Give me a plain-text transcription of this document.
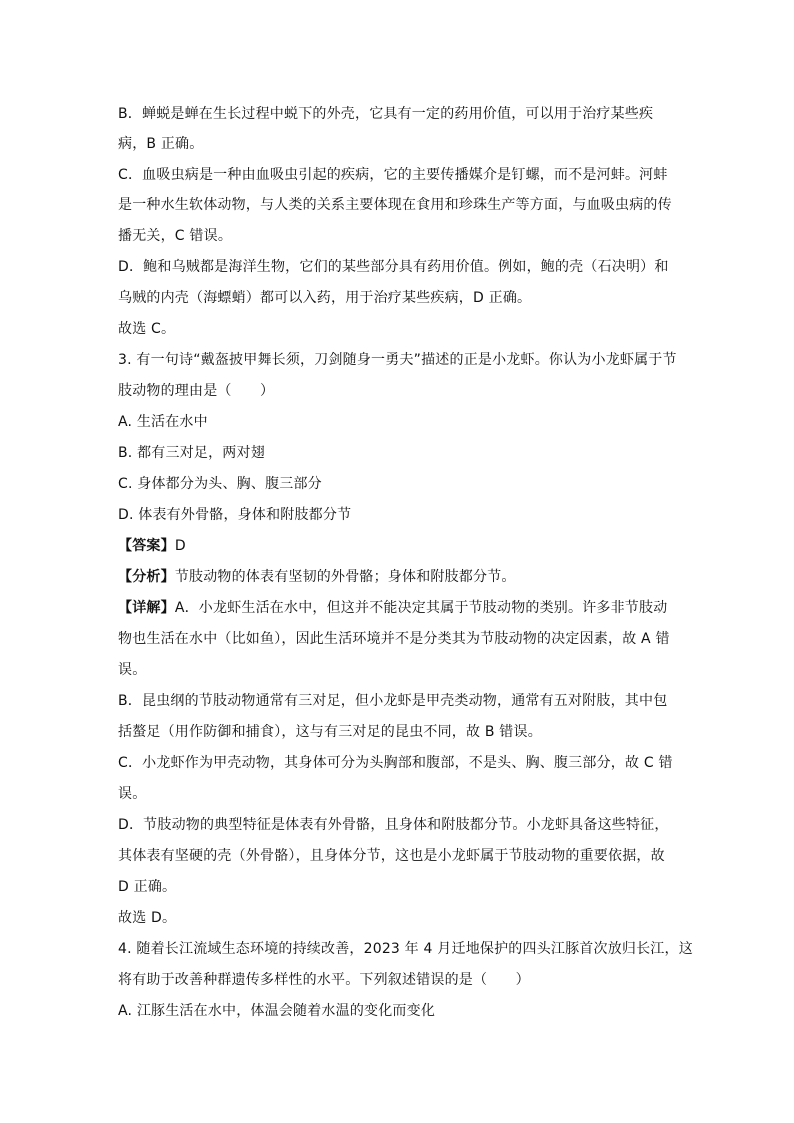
B．蝉蜕是蝉在生长过程中蜕下的外壳，它具有一定的药用价值，可以用于治疗某些疾
病，B 正确。
C．血吸虫病是一种由血吸虫引起的疾病，它的主要传播媒介是钉螺，而不是河蚌。河蚌
是一种水生软体动物，与人类的关系主要体现在食用和珍珠生产等方面，与血吸虫病的传
播无关，C 错误。
D．鲍和乌贼都是海洋生物，它们的某些部分具有药用价值。例如，鲍的壳（石决明）和
乌贼的内壳（海螵蛸）都可以入药，用于治疗某些疾病，D 正确。
故选 C。
3. 有一句诗“戴盔披甲舞长须，刀剑随身一勇夫”描述的正是小龙虾。你认为小龙虾属于节
肢动物的理由是（　　）
A. 生活在水中
B. 都有三对足，两对翅
C. 身体都分为头、胸、腹三部分
D. 体表有外骨骼，身体和附肢都分节
【答案】D
【分析】节肢动物的体表有坚韧的外骨骼；身体和附肢都分节。
【详解】A．小龙虾生活在水中，但这并不能决定其属于节肢动物的类别。许多非节肢动
物也生活在水中（比如鱼），因此生活环境并不是分类其为节肢动物的决定因素，故 A 错
误。
B．昆虫纲的节肢动物通常有三对足，但小龙虾是甲壳类动物，通常有五对附肢，其中包
括螯足（用作防御和捕食），这与有三对足的昆虫不同，故 B 错误。
C．小龙虾作为甲壳动物，其身体可分为头胸部和腹部，不是头、胸、腹三部分，故 C 错
误。
D．节肢动物的典型特征是体表有外骨骼，且身体和附肢都分节。小龙虾具备这些特征，
其体表有坚硬的壳（外骨骼），且身体分节，这也是小龙虾属于节肢动物的重要依据，故
D 正确。
故选 D。
4. 随着长江流域生态环境的持续改善，2023 年 4 月迁地保护的四头江豚首次放归长江，这
将有助于改善种群遗传多样性的水平。下列叙述错误的是（　　）
A. 江豚生活在水中，体温会随着水温的变化而变化
